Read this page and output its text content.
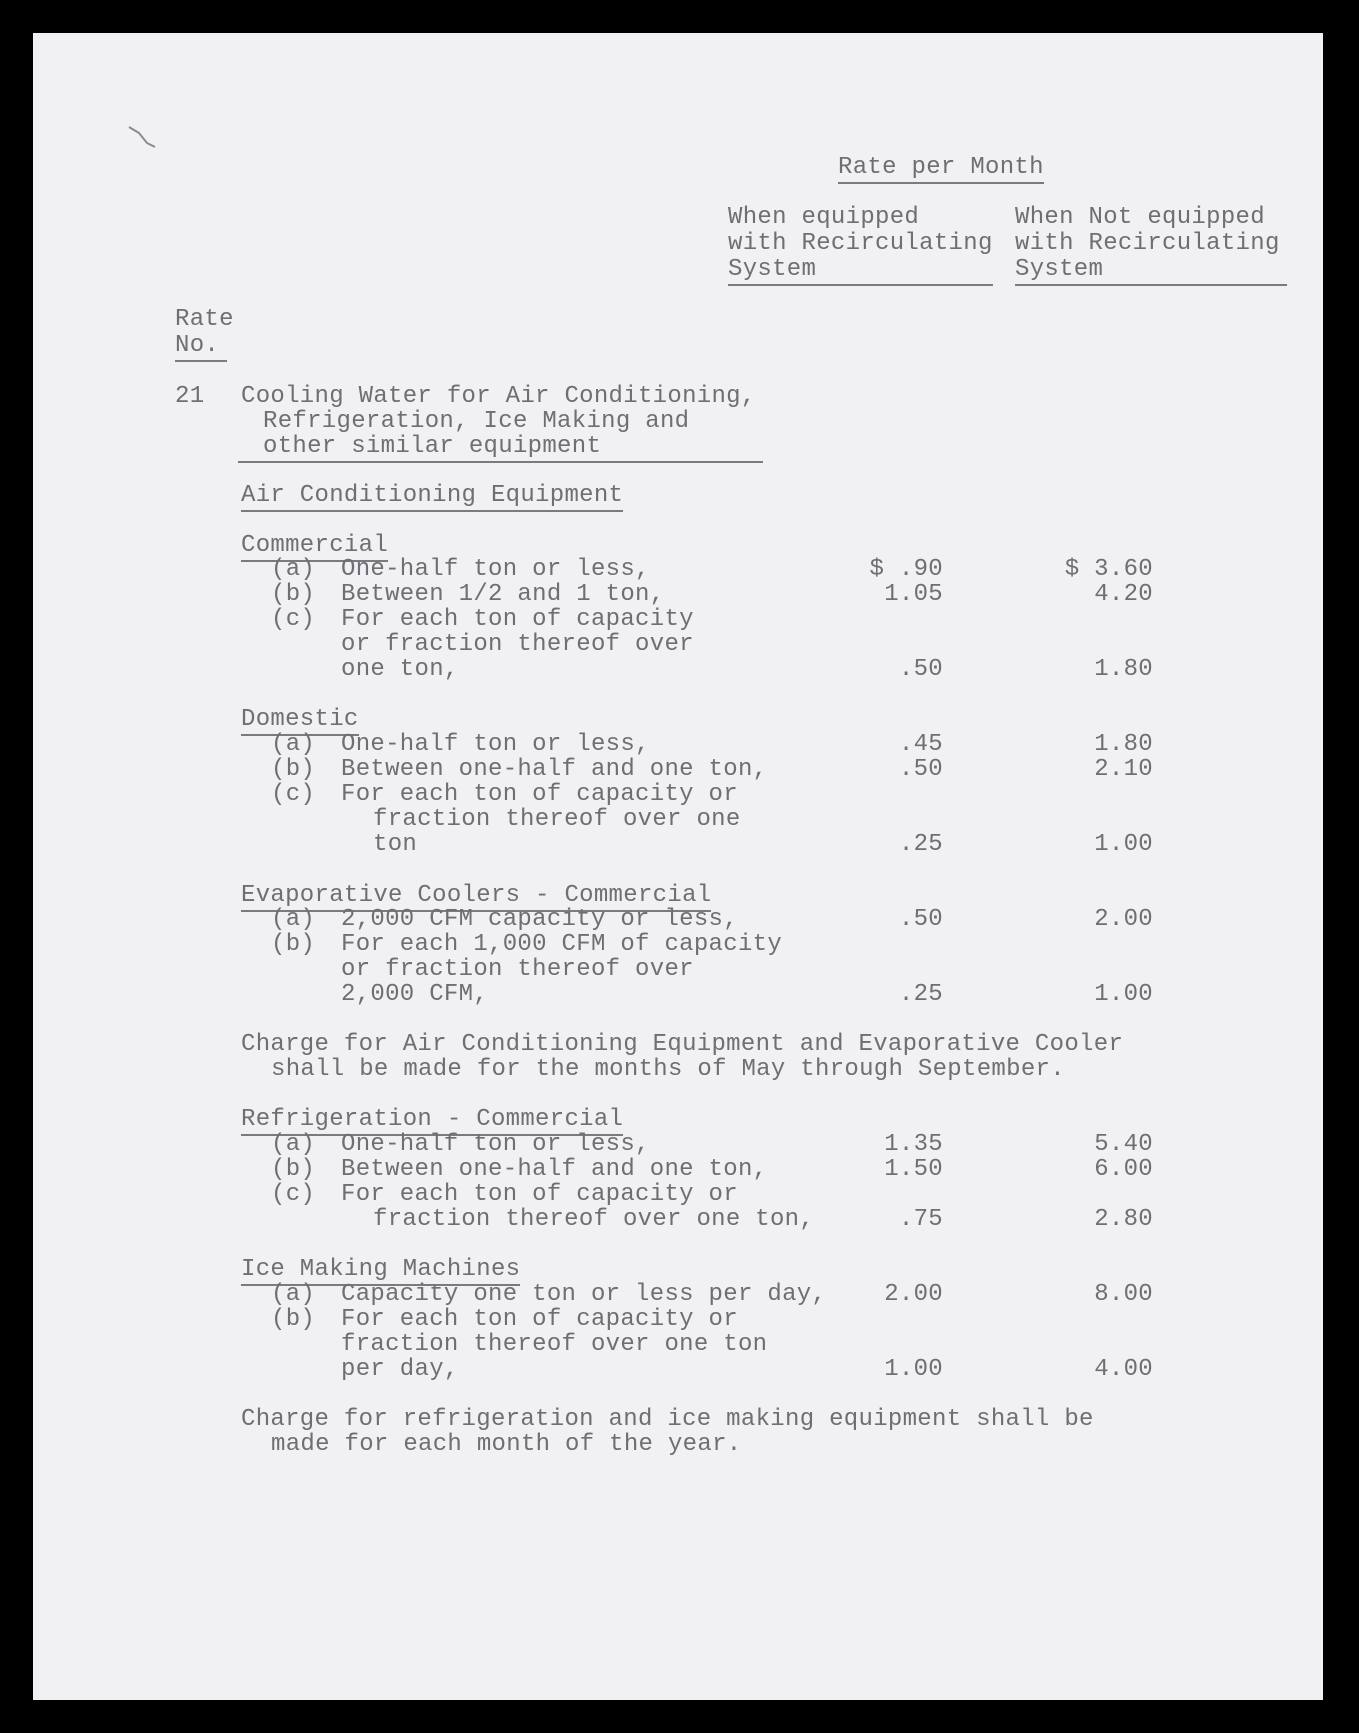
Rate per Month
When equipped
with Recirculating
System
When Not equipped
with Recirculating
System
Rate
No.
21 Cooling Water for Air Conditioning,
Refrigeration, Ice Making and
other similar equipment
Air Conditioning Equipment
Commercial
(a) One-half ton or less,	$ .90	$ 3.60
(b) Between 1/2 and 1 ton,	1.05	4.20
(c) For each ton of capacity
or fraction thereof over
one ton,	.50	1.80
Domestic
(a) One-half ton or less,	.45	1.80
(b) Between one-half and one ton,	.50	2.10
(c) For each ton of capacity or
fraction thereof over one
ton	.25	1.00
Evaporative Coolers - Commercial
(a) 2,000 CFM capacity or less,	.50	2.00
(b) For each 1,000 CFM of capacity
or fraction thereof over
2,000 CFM,	.25	1.00
Charge for Air Conditioning Equipment and Evaporative Cooler
shall be made for the months of May through September.
Refrigeration - Commercial
(a) One-half ton or less,	1.35	5.40
(b) Between one-half and one ton,	1.50	6.00
(c) For each ton of capacity or
fraction thereof over one ton,	.75	2.80
Ice Making Machines
(a) Capacity one ton or less per day,	2.00	8.00
(b) For each ton of capacity or
fraction thereof over one ton
per day,	1.00	4.00
Charge for refrigeration and ice making equipment shall be
made for each month of the year.
